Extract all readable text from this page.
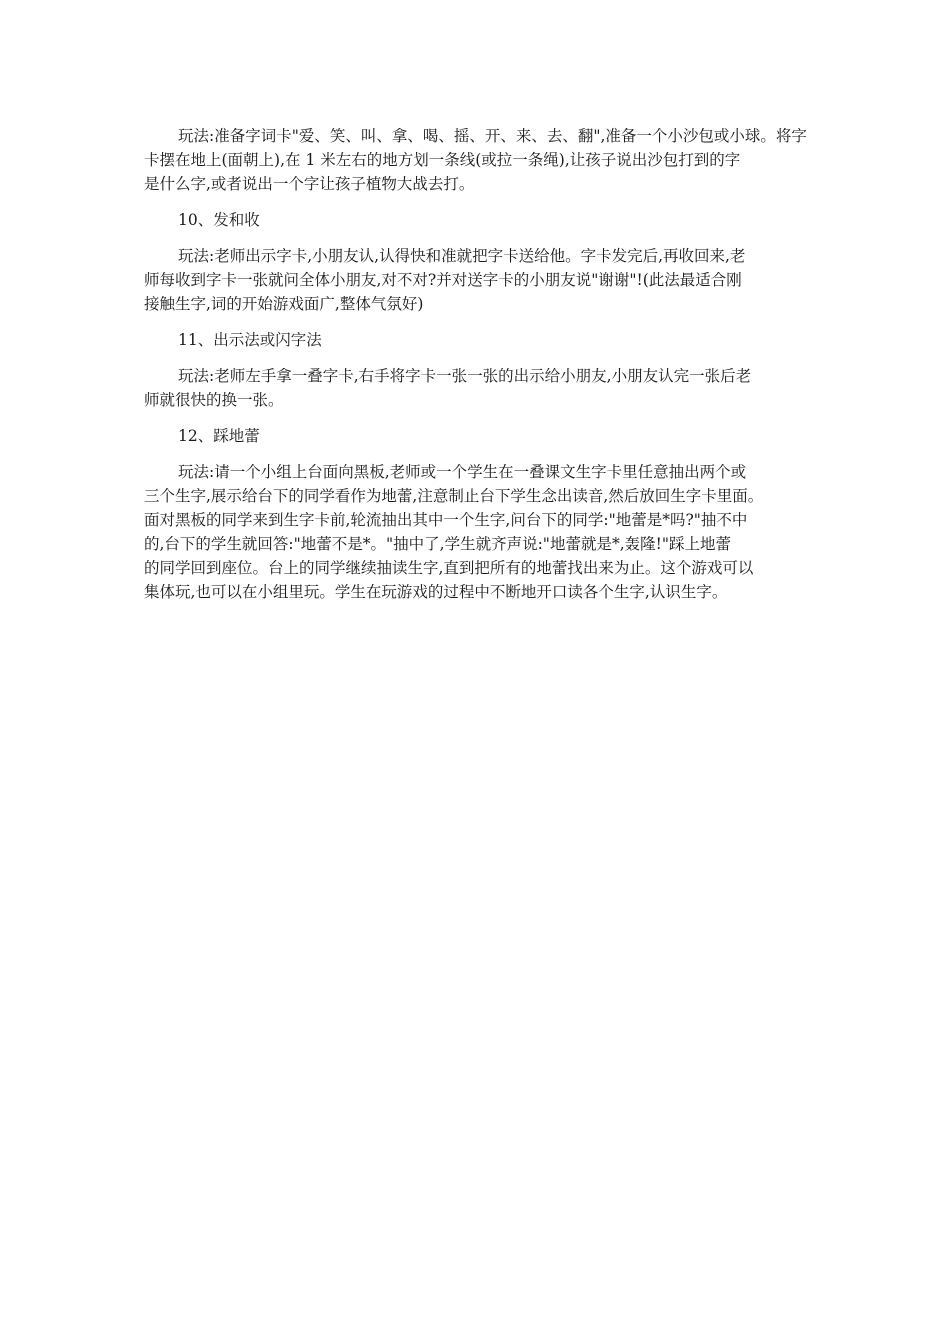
玩法:准备字词卡"爱、笑、叫、拿、喝、摇、开、来、去、翻",准备一个小沙包或小球。将字
卡摆在地上(面朝上),在 1 米左右的地方划一条线(或拉一条绳),让孩子说出沙包打到的字
是什么字,或者说出一个字让孩子植物大战去打。
10、发和收
玩法:老师出示字卡,小朋友认,认得快和准就把字卡送给他。字卡发完后,再收回来,老
师每收到字卡一张就问全体小朋友,对不对?并对送字卡的小朋友说"谢谢"!(此法最适合刚
接触生字,词的开始游戏面广,整体气氛好)
11、出示法或闪字法
玩法:老师左手拿一叠字卡,右手将字卡一张一张的出示给小朋友,小朋友认完一张后老
师就很快的换一张。
12、踩地蕾
玩法:请一个小组上台面向黑板,老师或一个学生在一叠课文生字卡里任意抽出两个或
三个生字,展示给台下的同学看作为地蕾,注意制止台下学生念出读音,然后放回生字卡里面。
面对黑板的同学来到生字卡前,轮流抽出其中一个生字,问台下的同学:"地蕾是*吗?"抽不中
的,台下的学生就回答:"地蕾不是*。"抽中了,学生就齐声说:"地蕾就是*,轰隆!"踩上地蕾
的同学回到座位。台上的同学继续抽读生字,直到把所有的地蕾找出来为止。这个游戏可以
集体玩,也可以在小组里玩。学生在玩游戏的过程中不断地开口读各个生字,认识生字。
